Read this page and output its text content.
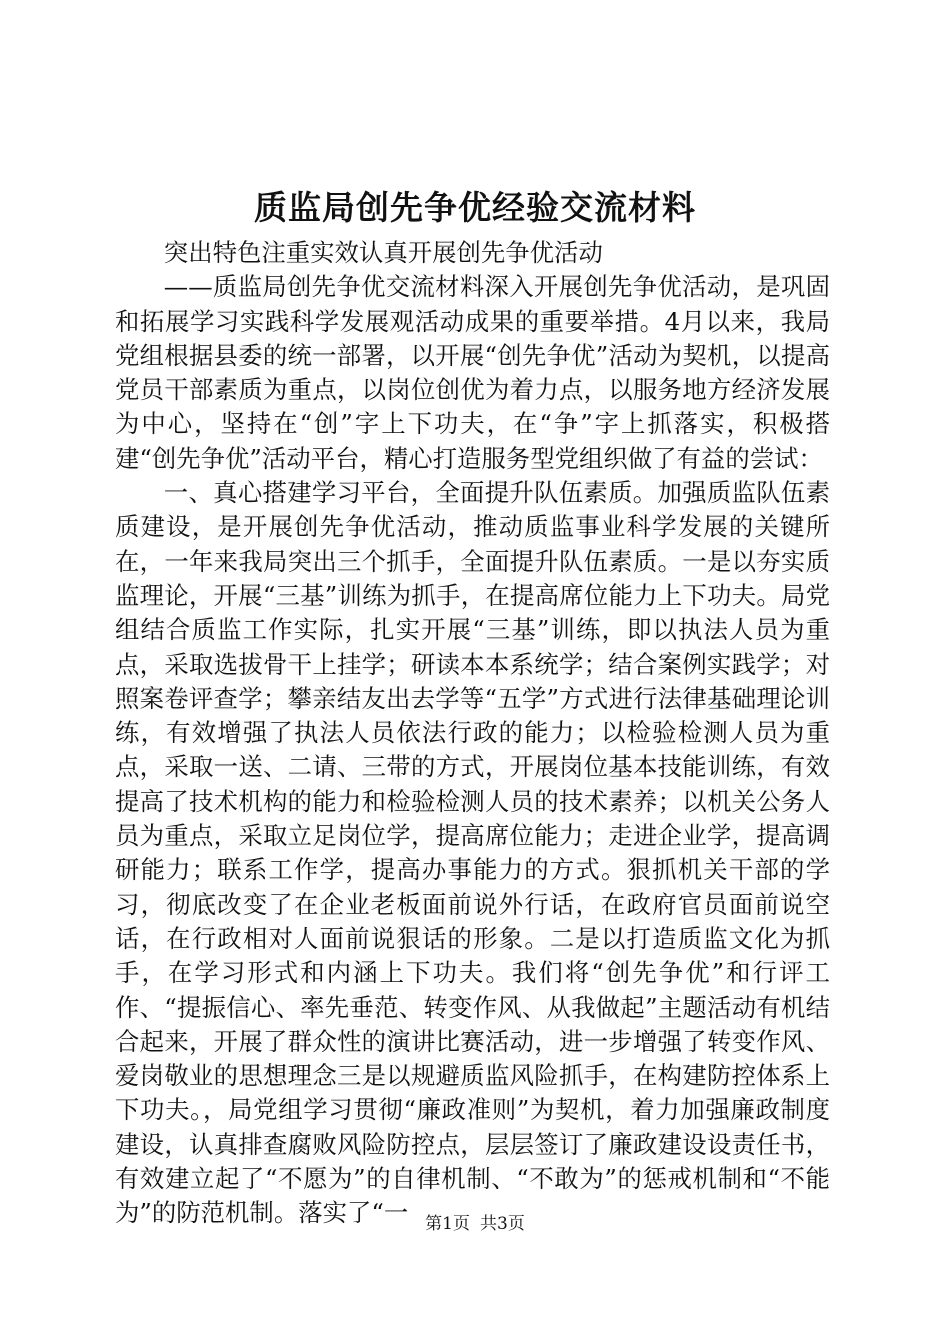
质监局创先争优经验交流材料

突出特色注重实效认真开展创先争优活动

——质监局创先争优交流材料深入开展创先争优活动，是巩固和拓展学习实践科学发展观活动成果的重要举措。4月以来，我局党组根据县委的统一部署，以开展“创先争优”活动为契机，以提高党员干部素质为重点，以岗位创优为着力点，以服务地方经济发展为中心，坚持在“创”字上下功夫，在“争”字上抓落实，积极搭建“创先争优”活动平台，精心打造服务型党组织做了有益的尝试：

一、真心搭建学习平台，全面提升队伍素质。加强质监队伍素质建设，是开展创先争优活动，推动质监事业科学发展的关键所在，一年来我局突出三个抓手，全面提升队伍素质。一是以夯实质监理论，开展“三基”训练为抓手，在提高席位能力上下功夫。局党组结合质监工作实际，扎实开展“三基”训练，即以执法人员为重点，采取选拔骨干上挂学；研读本本系统学；结合案例实践学；对照案卷评查学；攀亲结友出去学等“五学”方式进行法律基础理论训练，有效增强了执法人员依法行政的能力；以检验检测人员为重点，采取一送、二请、三带的方式，开展岗位基本技能训练，有效提高了技术机构的能力和检验检测人员的技术素养；以机关公务人员为重点，采取立足岗位学，提高席位能力；走进企业学，提高调研能力；联系工作学，提高办事能力的方式。狠抓机关干部的学习，彻底改变了在企业老板面前说外行话，在政府官员面前说空话，在行政相对人面前说狠话的形象。二是以打造质监文化为抓手，在学习形式和内涵上下功夫。我们将“创先争优”和行评工作、“提振信心、率先垂范、转变作风、从我做起”主题活动有机结合起来，开展了群众性的演讲比赛活动，进一步增强了转变作风、爱岗敬业的思想理念三是以规避质监风险抓手，在构建防控体系上下功夫。，局党组学习贯彻“廉政准则”为契机，着力加强廉政制度建设，认真排查腐败风险防控点，层层签订了廉政建设设责任书，有效建立起了“不愿为”的自律机制、“不敢为”的惩戒机制和“不能为”的防范机制。落实了“一 第1页 共3页
